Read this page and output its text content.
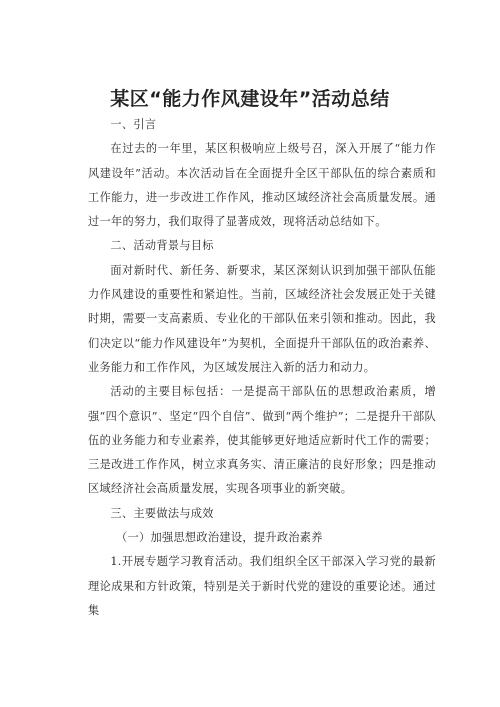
某区“能力作风建设年”活动总结

一、引言

在过去的一年里，某区积极响应上级号召，深入开展了“能力作风建设年”活动。本次活动旨在全面提升全区干部队伍的综合素质和工作能力，进一步改进工作作风，推动区域经济社会高质量发展。通过一年的努力，我们取得了显著成效，现将活动总结如下。

二、活动背景与目标

面对新时代、新任务、新要求，某区深刻认识到加强干部队伍能力作风建设的重要性和紧迫性。当前，区域经济社会发展正处于关键时期，需要一支高素质、专业化的干部队伍来引领和推动。因此，我们决定以“能力作风建设年”为契机，全面提升干部队伍的政治素养、业务能力和工作作风，为区域发展注入新的活力和动力。

活动的主要目标包括：一是提高干部队伍的思想政治素质，增强“四个意识”、坚定“四个自信”、做到“两个维护”；二是提升干部队伍的业务能力和专业素养，使其能够更好地适应新时代工作的需要；三是改进工作作风，树立求真务实、清正廉洁的良好形象；四是推动区域经济社会高质量发展，实现各项事业的新突破。

三、主要做法与成效

（一）加强思想政治建设，提升政治素养

1.开展专题学习教育活动。我们组织全区干部深入学习党的最新理论成果和方针政策，特别是关于新时代党的建设的重要论述。通过集
